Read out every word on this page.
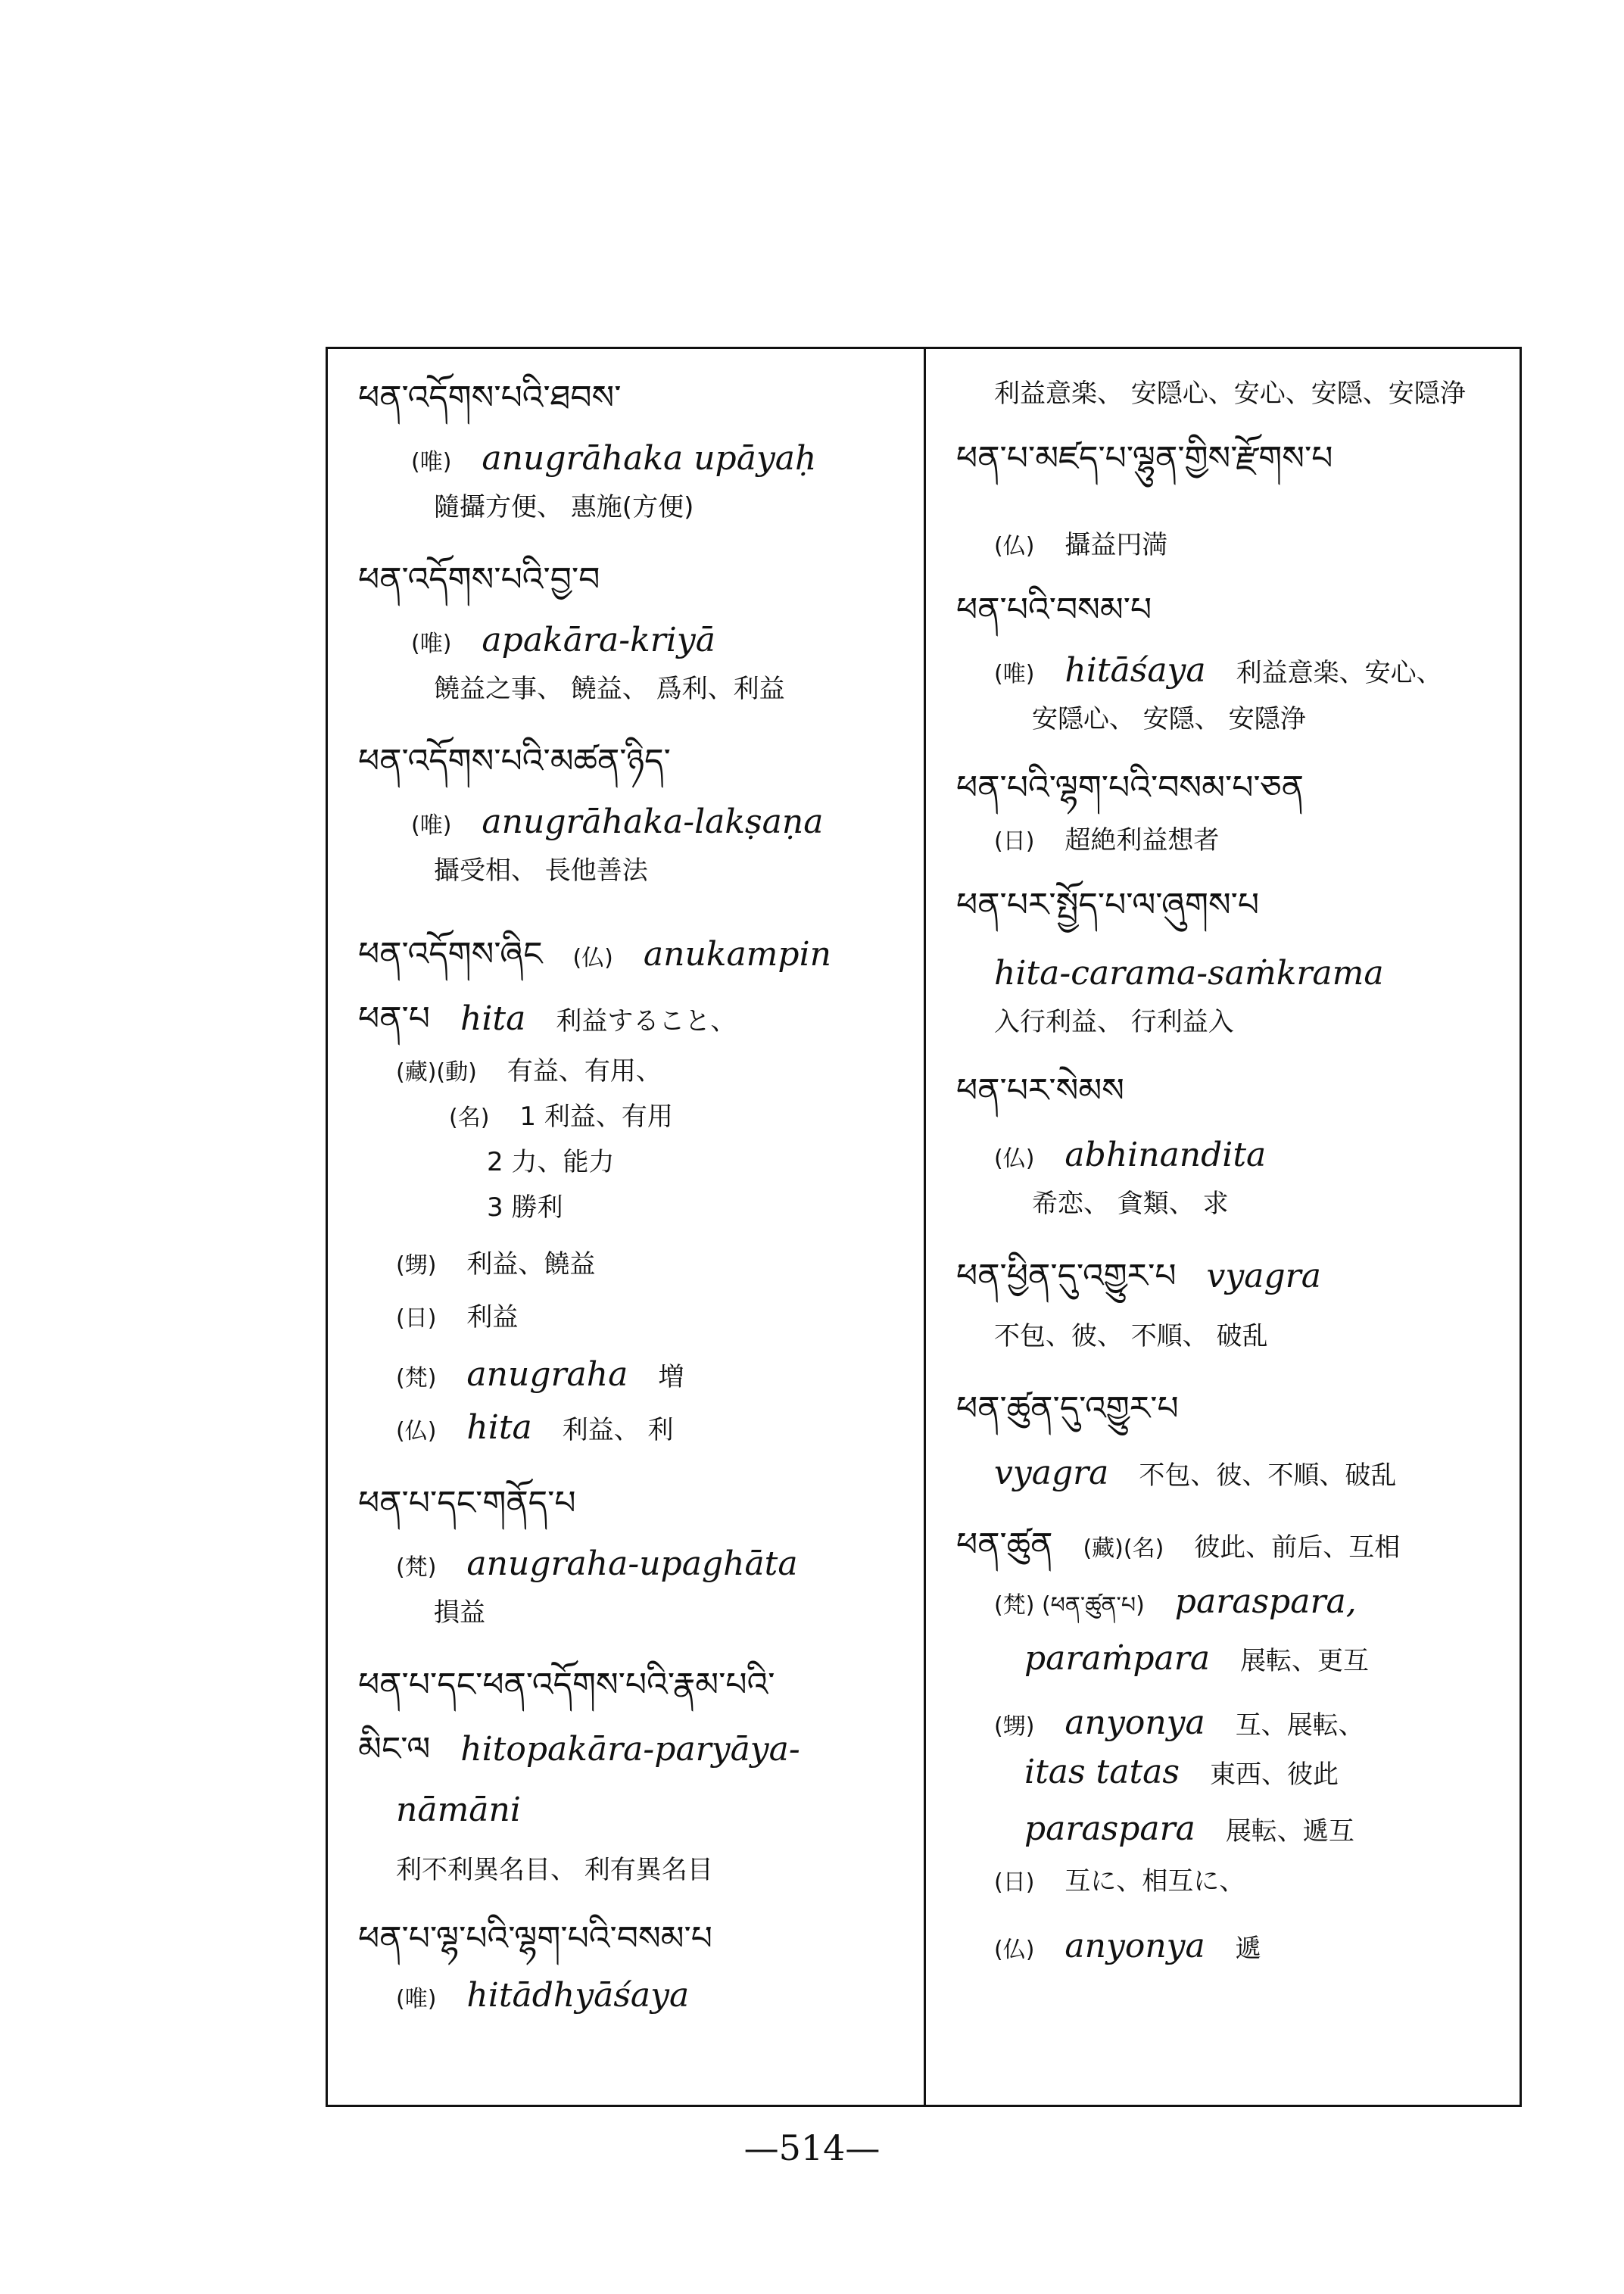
ཕན་འདོགས་པའི་ཐབས་
(唯) anugrāhaka upāyaḥ
隨攝方便、 惠施(方便)
ཕན་འདོགས་པའི་བྱ་བ
(唯) apakāra-kriyā
饒益之事、 饒益、 爲利、利益
ཕན་འདོགས་པའི་མཚན་ཉིད་
(唯) anugrāhaka-lakṣaṇa
攝受相、 長他善法
ཕན་འདོགས་ཞིང (仏) anukampin
ཕན་པ hita 利益すること、
(藏)(動) 有益、有用、
(名) 1 利益、有用
2 力、能力
3 勝利
(甥) 利益、饒益
(日) 利益
(梵) anugraha 増
(仏) hita 利益、 利
ཕན་པ་དང་གནོད་པ
(梵) anugraha-upaghāta
損益
ཕན་པ་དང་ཕན་འདོགས་པའི་རྣམ་པའི་
མིང་ལ hitopakāra-paryāya-
nāmāni
利不利異名目、 利有異名目
ཕན་པ་ལྷ་པའི་ལྷག་པའི་བསམ་པ
(唯) hitādhyāśaya
利益意楽、 安隠心、安心、安隠、安隠浄
ཕན་པ་མཛད་པ་ལྷུན་གྱིས་རྫོགས་པ
(仏) 攝益円満
ཕན་པའི་བསམ་པ
(唯) hitāśaya 利益意楽、安心、
安隠心、 安隠、 安隠浄
ཕན་པའི་ལྷག་པའི་བསམ་པ་ཅན
(日) 超絶利益想者
ཕན་པར་སྤྱོད་པ་ལ་ཞུགས་པ
hita-carama-saṁkrama
入行利益、 行利益入
ཕན་པར་སེམས
(仏) abhinandita
希恋、 貪類、 求
ཕན་ཕྱིན་དུ་འགྱུར་པ vyagra
不包、彼、 不順、 破乱
ཕན་ཚུན་དུ་འགྱུར་པ
vyagra 不包、彼、不順、破乱
ཕན་ཚུན (藏)(名) 彼此、前后、互相
(梵) (ཕན་ཚུན་པ) paraspara,
paraṁpara 展転、更互
(甥) anyonya 互、展転、
itas tatas 東西、彼此
paraspara 展転、遞互
(日) 互に、相互に、
(仏) anyonya 遞
—514—
